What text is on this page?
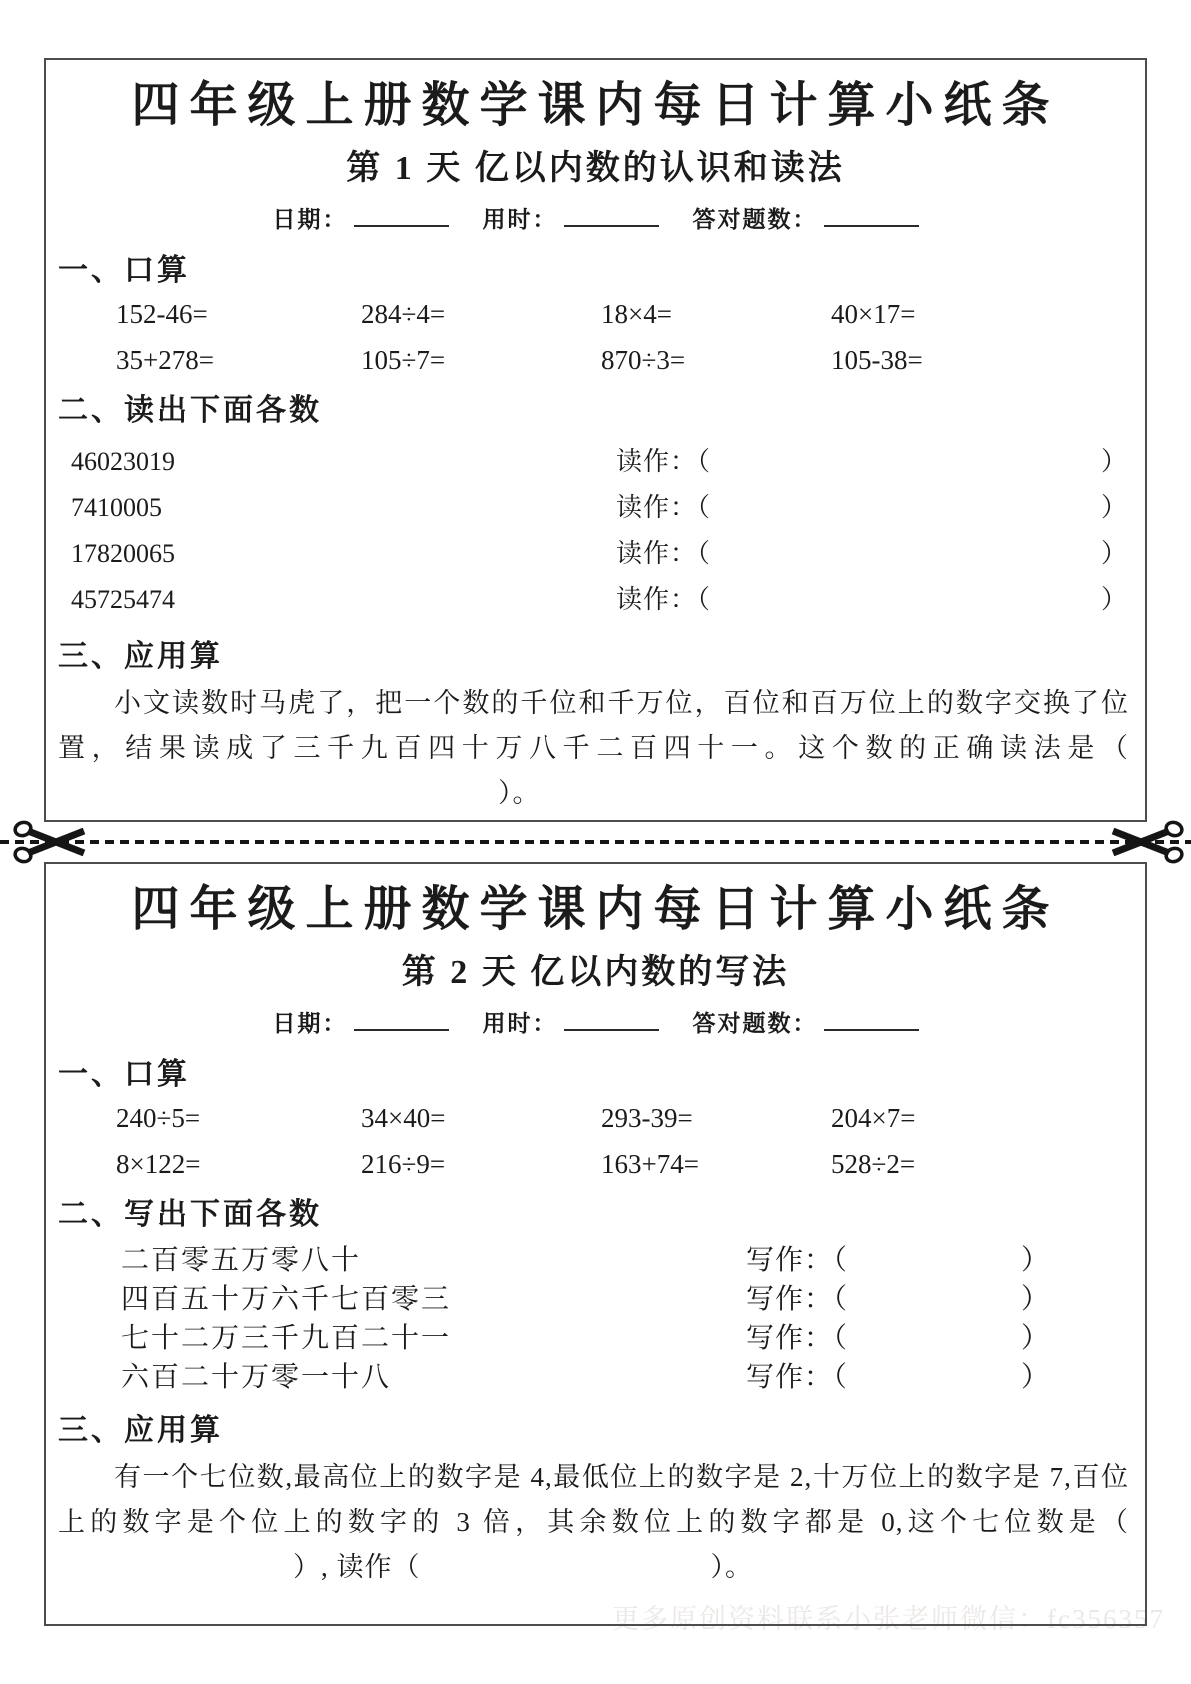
更多原创资料联系小张老师微信：fc356357
四年级上册数学课内每日计算小纸条
第 1 天 亿以内数的认识和读法
日期：	用时：	答对题数：
一、口算
152-46=	284÷4=	18×4=	40×17=
35+278=	105÷7=	870÷3=	105-38=
二、读出下面各数
46023019	读作：（	）
7410005	读作：（	）
17820065	读作：（	）
45725474	读作：（	）
三、应用算

小文读数时马虎了，把一个数的千位和千万位，百位和百万位上的数字交换了位置，结果读成了三千九百四十万八千二百四十一。这个数的正确读法是（）。

四年级上册数学课内每日计算小纸条
第 2 天 亿以内数的写法
日期：	用时：	答对题数：
一、口算
240÷5=	34×40=	293-39=	204×7=
8×122=	216÷9=	163+74=	528÷2=
二、写出下面各数
二百零五万零八十	写作：（	）
四百五十万六千七百零三	写作：（	）
七十二万三千九百二十一	写作：（	）
六百二十万零一十八	写作：（	）
三、应用算

有一个七位数,最高位上的数字是 4,最低位上的数字是 2,十万位上的数字是 7,百位上的数字是个位上的数字的 3 倍，其余数位上的数字都是 0,这个七位数是（）, 读作（	）。
